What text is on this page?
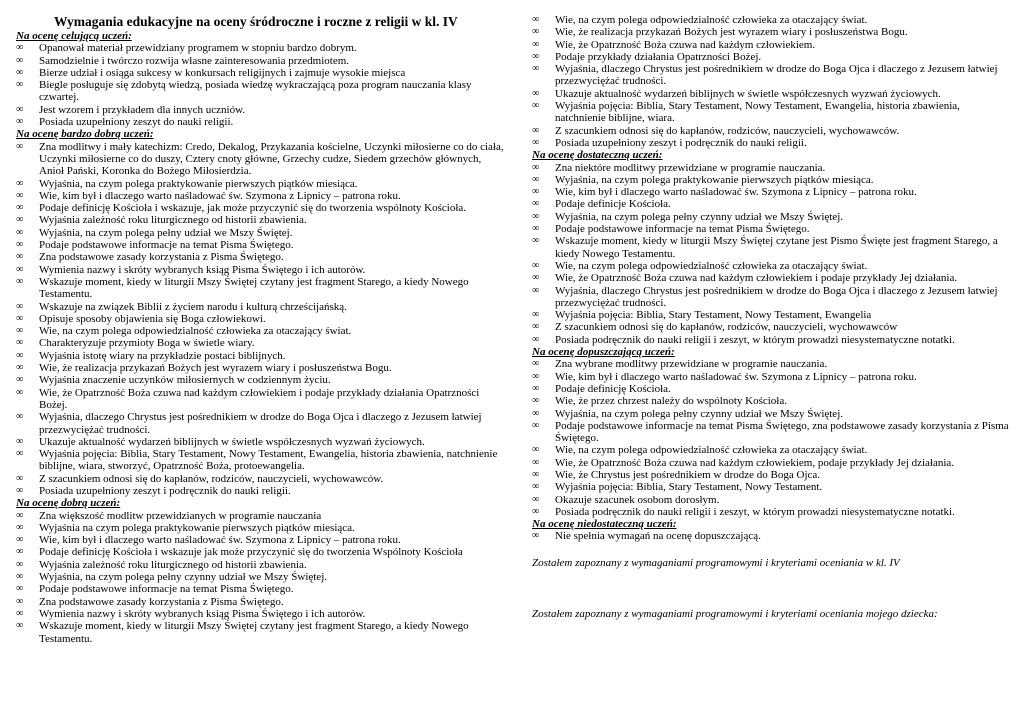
Wymagania edukacyjne na oceny śródroczne i roczne z religii w kl. IV

Na ocenę celującą uczeń:

∞ Opanował materiał przewidziany programem w stopniu bardzo dobrym.
∞ Samodzielnie i twórczo rozwija własne zainteresowania przedmiotem.
∞ Bierze udział i osiąga sukcesy w konkursach religijnych i zajmuje wysokie miejsca
∞ Biegle posługuje się zdobytą wiedzą, posiada wiedzę wykraczającą poza program nauczania klasy czwartej.
∞ Jest wzorem i przykładem dla innych uczniów.
∞ Posiada uzupełniony zeszyt do nauki religii.

Na ocenę bardzo dobrą uczeń:

∞ Zna modlitwy i mały katechizm: Credo, Dekalog, Przykazania kościelne, Uczynki miłosierne co do ciała, Uczynki miłosierne co do duszy, Cztery cnoty główne, Grzechy cudze, Siedem grzechów głównych, Anioł Pański, Koronka do Bożego Miłosierdzia.
∞ Wyjaśnia, na czym polega praktykowanie pierwszych piątków miesiąca.
∞ Wie, kim był i dlaczego warto naśladować św. Szymona z Lipnicy – patrona roku.
∞ Podaje definicję Kościoła i wskazuje, jak może przyczynić się do tworzenia wspólnoty Kościoła.
∞ Wyjaśnia zależność roku liturgicznego od historii zbawienia.
∞ Wyjaśnia, na czym polega pełny udział we Mszy Świętej.
∞ Podaje podstawowe informacje na temat Pisma Świętego.
∞ Zna podstawowe zasady korzystania z Pisma Świętego.
∞ Wymienia nazwy i skróty wybranych ksiąg Pisma Świętego i ich autorów.
∞ Wskazuje moment, kiedy w liturgii Mszy Świętej czytany jest fragment Starego, a kiedy Nowego Testamentu.
∞ Wskazuje na związek Biblii z życiem narodu i kulturą chrześcijańską.
∞ Opisuje sposoby objawienia się Boga człowiekowi.
∞ Wie, na czym polega odpowiedzialność człowieka za otaczający świat.
∞ Charakteryzuje przymioty Boga w świetle wiary.
∞ Wyjaśnia istotę wiary na przykładzie postaci biblijnych.
∞ Wie, że realizacja przykazań Bożych jest wyrazem wiary i posłuszeństwa Bogu.
∞ Wyjaśnia znaczenie uczynków miłosiernych w codziennym życiu.
∞ Wie, że Opatrzność Boża czuwa nad każdym człowiekiem i podaje przykłady działania Opatrzności Bożej.
∞ Wyjaśnia, dlaczego Chrystus jest pośrednikiem w drodze do Boga Ojca i dlaczego z Jezusem łatwiej przezwyciężać trudności.
∞ Ukazuje aktualność wydarzeń biblijnych w świetle współczesnych wyzwań życiowych.
∞ Wyjaśnia pojęcia: Biblia, Stary Testament, Nowy Testament, Ewangelia, historia zbawienia, natchnienie biblijne, wiara, stworzyć, Opatrzność Boża, protoewangelia.
∞ Z szacunkiem odnosi się do kapłanów, rodziców, nauczycieli, wychowawców.
∞ Posiada uzupełniony zeszyt i podręcznik do nauki religii.

Na ocenę dobrą uczeń:

∞ Zna większość modlitw przewidzianych w programie nauczania
∞ Wyjaśnia na czym polega praktykowanie pierwszych piątków miesiąca.
∞ Wie, kim był i dlaczego warto naśladować św. Szymona z Lipnicy – patrona roku.
∞ Podaje definicję Kościoła i wskazuje jak może przyczynić się do tworzenia Wspólnoty Kościoła
∞ Wyjaśnia zależność roku liturgicznego od historii zbawienia.
∞ Wyjaśnia, na czym polega pełny czynny udział we Mszy Świętej.
∞ Podaje podstawowe informacje na temat Pisma Świętego.
∞ Zna podstawowe zasady korzystania z Pisma Świętego.
∞ Wymienia nazwy i skróty wybranych ksiąg Pisma Świętego i ich autorów.
∞ Wskazuje moment, kiedy w liturgii Mszy Świętej czytany jest fragment Starego, a kiedy Nowego Testamentu.
∞ Wie, na czym polega odpowiedzialność człowieka za otaczający świat.
∞ Wie, że realizacja przykazań Bożych jest wyrazem wiary i posłuszeństwa Bogu.
∞ Wie, że Opatrzność Boża czuwa nad każdym człowiekiem.
∞ Podaje przykłady działania Opatrzności Bożej.
∞ Wyjaśnia, dlaczego Chrystus jest pośrednikiem w drodze do Boga Ojca i dlaczego z Jezusem łatwiej przezwyciężać trudności.
∞ Ukazuje aktualność wydarzeń biblijnych w świetle współczesnych wyzwań życiowych.
∞ Wyjaśnia pojęcia: Biblia, Stary Testament, Nowy Testament, Ewangelia, historia zbawienia, natchnienie biblijne, wiara.
∞ Z szacunkiem odnosi się do kapłanów, rodziców, nauczycieli, wychowawców.
∞ Posiada uzupełniony zeszyt i podręcznik do nauki religii.

Na ocenę dostateczną uczeń:

∞ Zna niektóre modlitwy przewidziane w programie nauczania.
∞ Wyjaśnia, na czym polega praktykowanie pierwszych piątków miesiąca.
∞ Wie, kim był i dlaczego warto naśladować św. Szymona z Lipnicy – patrona roku.
∞ Podaje definicje Kościoła.
∞ Wyjaśnia, na czym polega pełny czynny udział we Mszy Świętej.
∞ Podaje podstawowe informacje na temat Pisma Świętego.
∞ Wskazuje moment, kiedy w liturgii Mszy Świętej czytane jest Pismo Święte jest fragment Starego, a kiedy Nowego Testamentu.
∞ Wie, na czym polega odpowiedzialność człowieka za otaczający świat.
∞ Wie, że Opatrzność Boża czuwa nad każdym człowiekiem i podaje przykłady Jej działania.
∞ Wyjaśnia, dlaczego Chrystus jest pośrednikiem w drodze do Boga Ojca i dlaczego z Jezusem łatwiej przezwyciężać trudności.
∞ Wyjaśnia pojęcia: Biblia, Stary Testament, Nowy Testament, Ewangelia
∞ Z szacunkiem odnosi się do kapłanów, rodziców, nauczycieli, wychowawców
∞ Posiada podręcznik do nauki religii i zeszyt, w którym prowadzi niesystematyczne notatki.

Na ocenę dopuszczającą uczeń:

∞ Zna wybrane modlitwy przewidziane w programie nauczania.
∞ Wie, kim był i dlaczego warto naśladować św. Szymona z Lipnicy – patrona roku.
∞ Podaje definicję Kościoła.
∞ Wie, że przez chrzest należy do wspólnoty Kościoła.
∞ Wyjaśnia, na czym polega pełny czynny udział we Mszy Świętej.
∞ Podaje podstawowe informacje na temat Pisma Świętego, zna podstawowe zasady korzystania z Pisma Świętego.
∞ Wie, na czym polega odpowiedzialność człowieka za otaczający świat.
∞ Wie, że Opatrzność Boża czuwa nad każdym człowiekiem, podaje przykłady Jej działania.
∞ Wie, że Chrystus jest pośrednikiem w drodze do Boga Ojca.
∞ Wyjaśnia pojęcia: Biblia, Stary Testament, Nowy Testament.
∞ Okazuje szacunek osobom dorosłym.
∞ Posiada podręcznik do nauki religii i zeszyt, w którym prowadzi niesystematyczne notatki.

Na ocenę niedostateczną uczeń:

∞ Nie spełnia wymagań na ocenę dopuszczającą.

Zostałem zapoznany z wymaganiami programowymi i kryteriami oceniania w kl. IV

Zostałem zapoznany z wymaganiami programowymi i kryteriami oceniania mojego dziecka:
